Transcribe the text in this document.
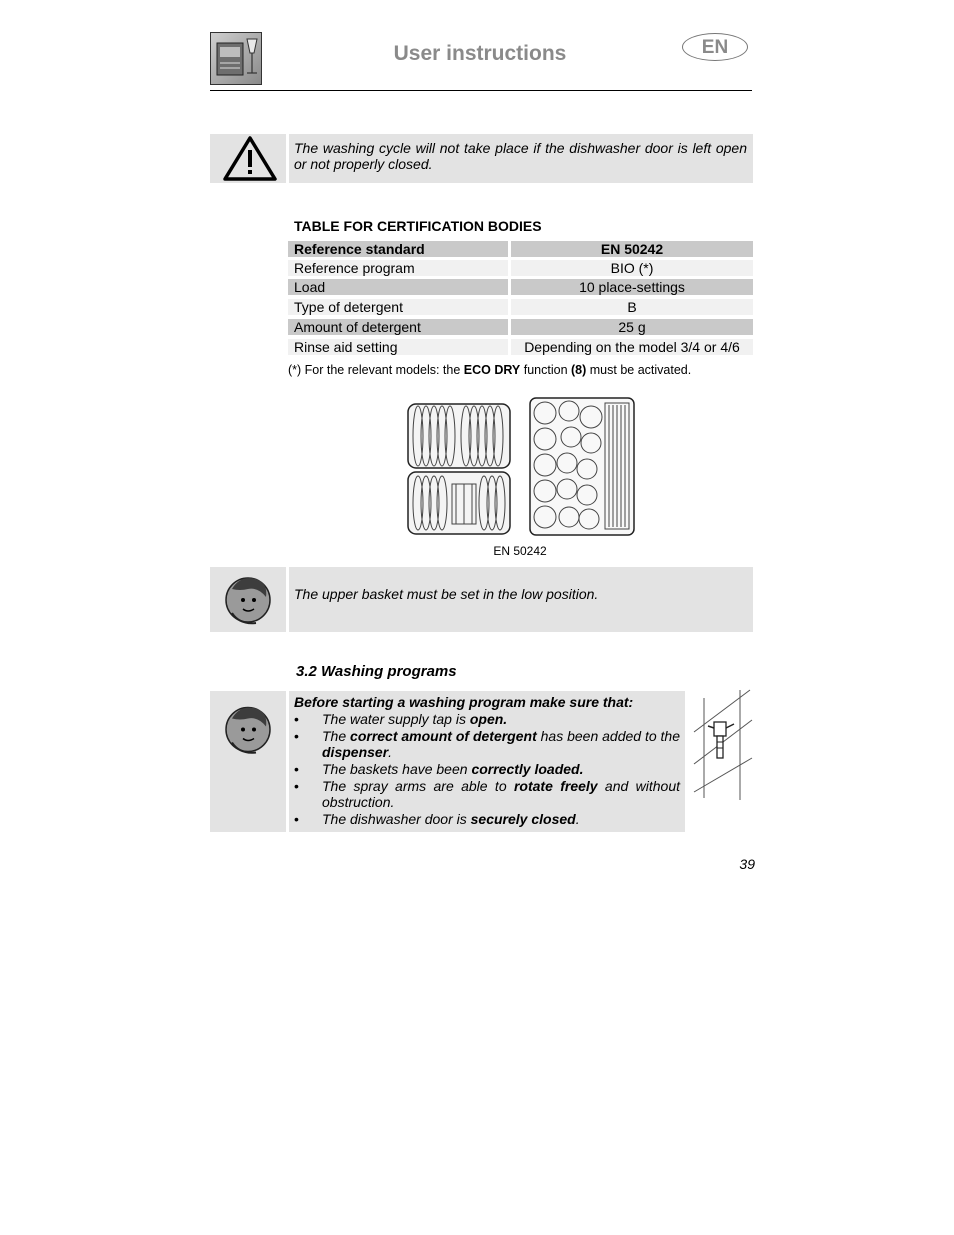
User instructions	EN
The washing cycle will not take place if the dishwasher door is left open or not properly closed.
TABLE FOR CERTIFICATION BODIES
Reference standard	EN 50242
Reference program	BIO (*)
Load	10 place-settings
Type of detergent	B
Amount of detergent	25 g
Rinse aid setting	Depending on the model 3/4 or 4/6
(*) For the relevant models: the ECO DRY function (8) must be activated.
EN 50242
The upper basket must be set in the low position.
3.2 Washing programs
Before starting a washing program make sure that:
• The water supply tap is open.
• The correct amount of detergent has been added to the dispenser.
• The baskets have been correctly loaded.
• The spray arms are able to rotate freely and without obstruction.
• The dishwasher door is securely closed.
39
